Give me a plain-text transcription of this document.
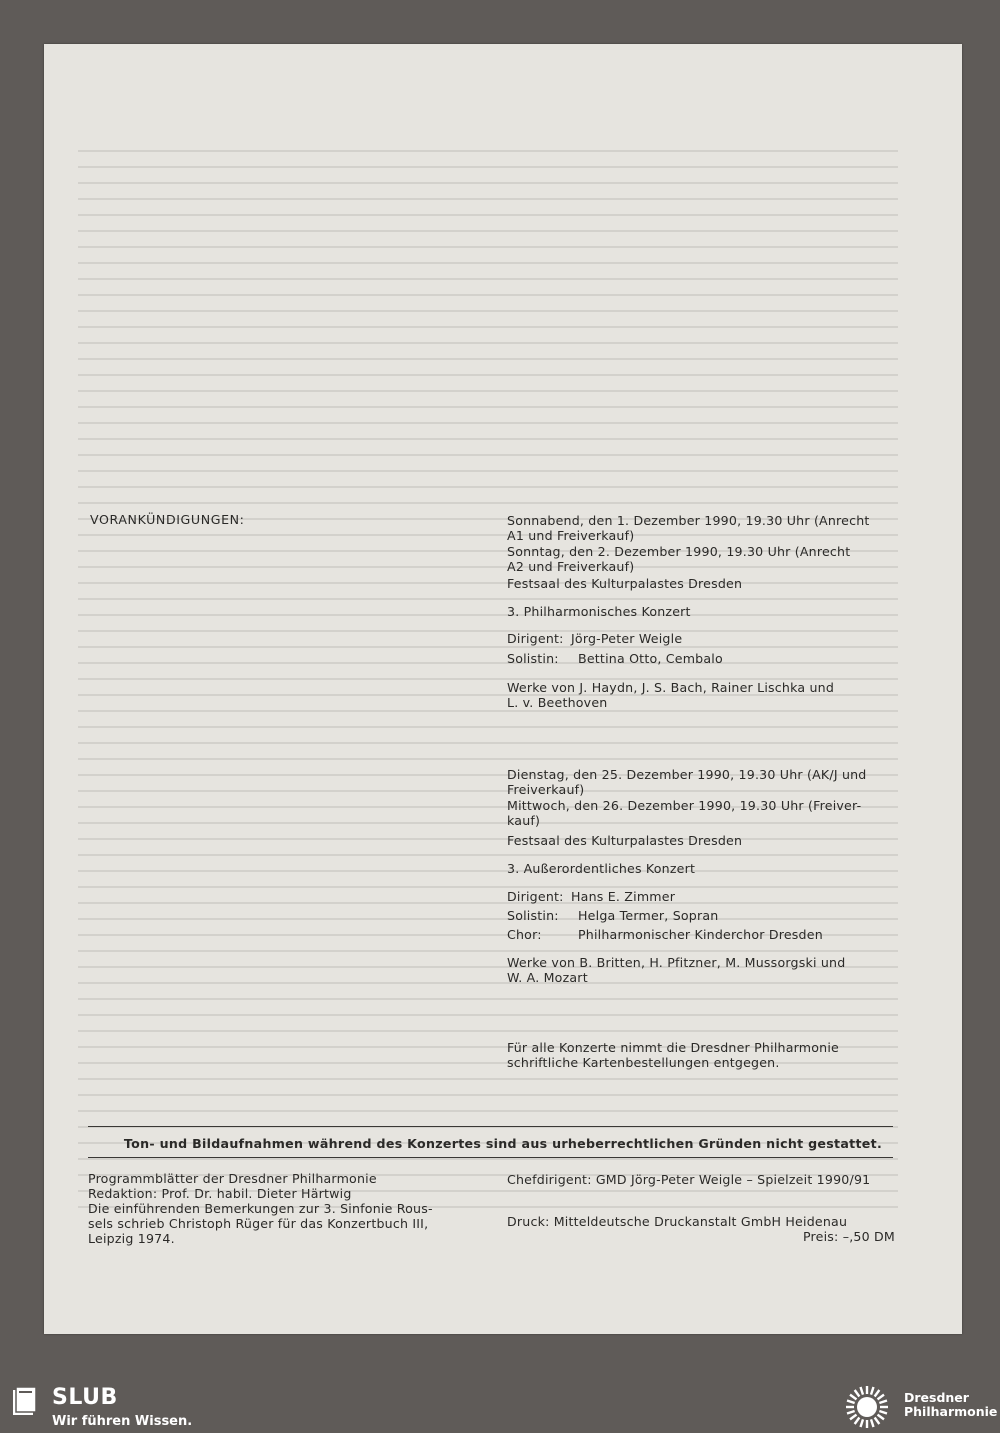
VORANKÜNDIGUNGEN:	Sonnabend, den 1. Dezember 1990, 19.30 Uhr (Anrecht
A1 und Freiverkauf)
Sonntag, den 2. Dezember 1990, 19.30 Uhr (Anrecht
A2 und Freiverkauf)
Festsaal des Kulturpalastes Dresden
3. Philharmonisches Konzert
Dirigent: Jörg-Peter Weigle
Solistin:	Bettina Otto, Cembalo
Werke von J. Haydn, J. S. Bach, Rainer Lischka und
L. v. Beethoven
Dienstag, den 25. Dezember 1990, 19.30 Uhr (AK/J und
Freiverkauf)
Mittwoch, den 26. Dezember 1990, 19.30 Uhr (Freiver-
kauf)
Festsaal des Kulturpalastes Dresden
3. Außerordentliches Konzert
Dirigent: Hans E. Zimmer
Solistin:	Helga Termer, Sopran
Chor:	Philharmonischer Kinderchor Dresden
Werke von B. Britten, H. Pfitzner, M. Mussorgski und
W. A. Mozart
Für alle Konzerte nimmt die Dresdner Philharmonie
schriftliche Kartenbestellungen entgegen.
Ton- und Bildaufnahmen während des Konzertes sind aus urheberrechtlichen Gründen nicht gestattet.
Programmblätter der Dresdner Philharmonie
Redaktion: Prof. Dr. habil. Dieter Härtwig
Die einführenden Bemerkungen zur 3. Sinfonie Rous-
sels schrieb Christoph Rüger für das Konzertbuch III,
Leipzig 1974.
Chefdirigent: GMD Jörg-Peter Weigle – Spielzeit 1990/91
Druck: Mitteldeutsche Druckanstalt GmbH Heidenau
Preis: –,50 DM
SLUB
Wir führen Wissen.
Dresdner
Philharmonie
